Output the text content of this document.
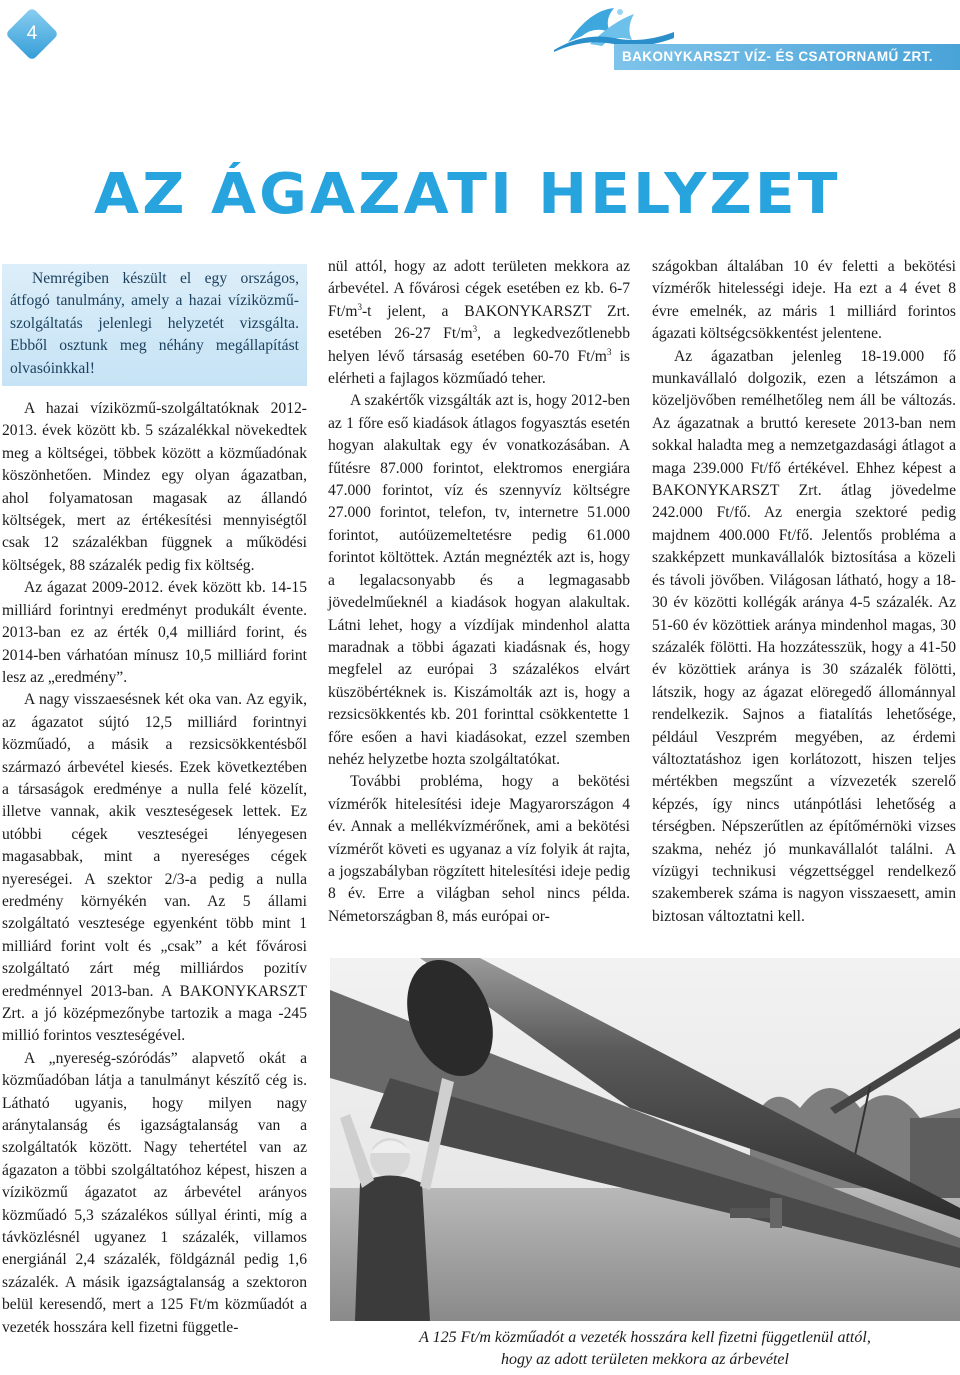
4
BAKONYKARSZT VÍZ- ÉS CSATORNAMŰ ZRT.
AZ ÁGAZATI HELYZET

Nemrégiben készült el egy országos, átfogó tanulmány, amely a hazai víziközmű-szolgáltatás jelenlegi helyzetét vizsgálta. Ebből osztunk meg néhány megállapítást olvasóinkkal!

A hazai víziközmű-szolgáltatóknak 2012-2013. évek között kb. 5 százalékkal növekedtek meg a költségei, többek között a közműadónak köszönhetően. Mindez egy olyan ágazatban, ahol folyamatosan magasak az állandó költségek, mert az értékesítési mennyiségtől csak 12 százalékban függnek a működési költségek, 88 százalék pedig fix költség.

Az ágazat 2009-2012. évek között kb. 14-15 milliárd forintnyi eredményt produkált évente. 2013-ban ez az érték 0,4 milliárd forint, és 2014-ben várhatóan mínusz 10,5 milliárd forint lesz az „eredmény”.

A nagy visszaesésnek két oka van. Az egyik, az ágazatot sújtó 12,5 milliárd forintnyi közműadó, a másik a rezsicsökkentésből származó árbevétel kiesés. Ezek következtében a társaságok eredménye a nulla felé közelít, illetve vannak, akik veszteségesek lettek. Ez utóbbi cégek veszteségei lényegesen magasabbak, mint a nyereséges cégek nyereségei. A szektor 2/3-a pedig a nulla eredmény környékén van. Az 5 állami szolgáltató vesztesége egyenként több mint 1 milliárd forint volt és „csak” a két fővárosi szolgáltató zárt még milliárdos pozitív eredménnyel 2013-ban. A BAKONYKARSZT Zrt. a jó középmezőnybe tartozik a maga -245 millió forintos veszteségével.

A „nyereség-szóródás” alapvető okát a közműadóban látja a tanulmányt készítő cég is. Látható ugyanis, hogy milyen nagy aránytalanság és igazságtalanság van a szolgáltatók között. Nagy tehertétel van az ágazaton a többi szolgáltatóhoz képest, hiszen a víziközmű ágazatot az árbevétel arányos közműadó 5,3 százalékos súllyal érinti, míg a távközlésnél ugyanez 1 százalék, villamos energiánál 2,4 százalék, földgáznál pedig 1,6 százalék. A másik igazságtalanság a szektoron belül keresendő, mert a 125 Ft/m közműadót a vezeték hosszára kell fizetni függetle-

nül attól, hogy az adott területen mekkora az árbevétel. A fővárosi cégek esetében ez kb. 6-7 $Ft/m^3-t$ jelent, a BAKONYKARSZT Zrt. esetében 26-27 $Ft/m^3$, a legkedvezőtlenebb helyen lévő társaság esetében 60-70 $Ft/m^3$ is elérheti a fajlagos közműadó teher.

A szakértők vizsgálták azt is, hogy 2012-ben az 1 főre eső kiadások átlagos fogyasztás esetén hogyan alakultak egy év vonatkozásában. A fűtésre 87.000 forintot, elektromos energiára 47.000 forintot, víz és szennyvíz költségre 27.000 forintot, telefon, tv, internetre 51.000 forintot, autóüzemeltetésre pedig 61.000 forintot költöttek. Aztán megnézték azt is, hogy a legalacsonyabb és a legmagasabb jövedelműeknél a kiadások hogyan alakultak. Látni lehet, hogy a vízdíjak mindenhol alatta maradnak a többi ágazati kiadásnak és, hogy megfelel az európai 3 százalékos elvárt küszöbértéknek is. Kiszámolták azt is, hogy a rezsicsökkentés kb. 201 forinttal csökkentette 1 főre esően a havi kiadásokat, ezzel szemben nehéz helyzetbe hozta szolgáltatókat.

További probléma, hogy a bekötési vízmérők hitelesítési ideje Magyarországon 4 év. Annak a mellékvízmérőnek, ami a bekötési vízmérőt követi es ugyanaz a víz folyik át rajta, a jogszabályban rögzített hitelesítési ideje pedig 8 év. Erre a világban sehol nincs példa. Németországban 8, más európai or-

szágokban általában 10 év feletti a bekötési vízmérők hitelességi ideje. Ha ezt a 4 évet 8 évre emelnék, az máris 1 milliárd forintos ágazati költségcsökkentést jelentene.

Az ágazatban jelenleg 18-19.000 fő munkavállaló dolgozik, ezen a létszámon a közeljövőben remélhetőleg nem áll be változás. Az ágazatnak a bruttó keresete 2013-ban nem sokkal haladta meg a nemzetgazdasági átlagot a maga 239.000 Ft/fő értékével. Ehhez képest a BAKONYKARSZT Zrt. átlag jövedelme 242.000 Ft/fő. Az energia szektoré pedig majdnem 400.000 Ft/fő. Jelentős probléma a szakképzett munkavállalók biztosítása a közeli és távoli jövőben. Világosan látható, hogy a 18-30 év közötti kollégák aránya 4-5 százalék. Az 51-60 év közöttiek aránya mindenhol magas, 30 százalék fölötti. Ha hozzátesszük, hogy a 41-50 év közöttiek aránya is 30 százalék fölötti, látszik, hogy az ágazat elöregedő állománnyal rendelkezik. Sajnos a fiatalítás lehetősége, például Veszprém megyében, az érdemi változtatáshoz igen korlátozott, hiszen teljes mértékben megszűnt a vízvezeték szerelő képzés, így nincs utánpótlási lehetőség a térségben. Népszerűtlen az építőmérnöki vizses szakma, nehéz jó munkavállalót találni. A vízügyi technikusi végzettséggel rendelkező szakemberek száma is nagyon visszaesett, amin biztosan változtatni kell.

A 125 Ft/m közműadót a vezeték hosszára kell fizetni függetlenül attól,
hogy az adott területen mekkora az árbevétel
